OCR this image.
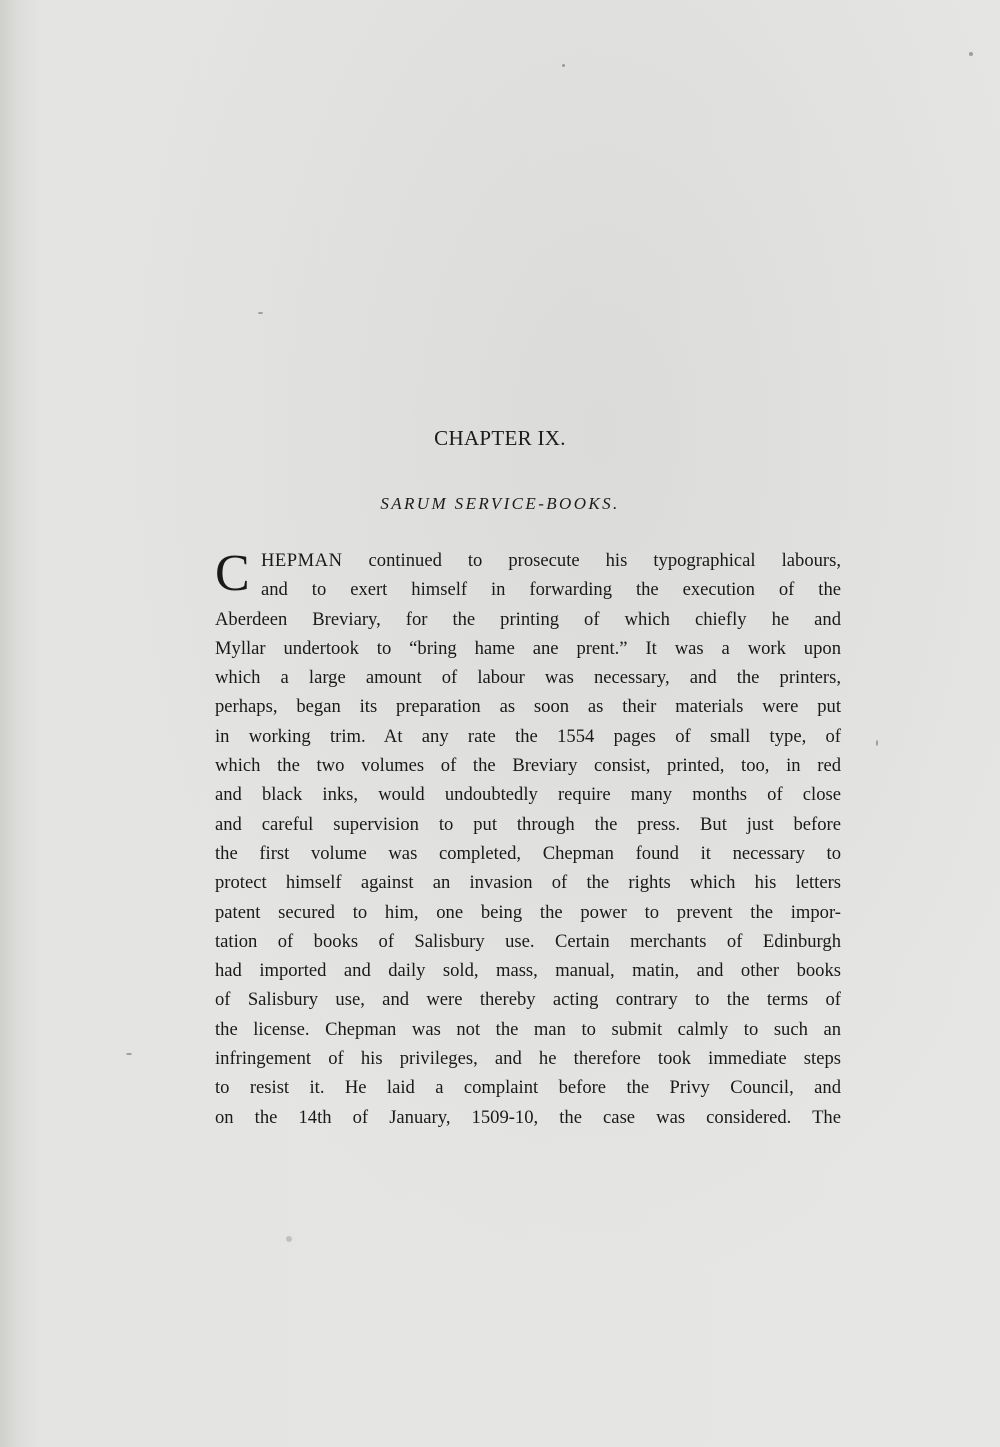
CHAPTER IX.
SARUM SERVICE-BOOKS.
C HEPMAN continued to prosecute his typographical labours,
and to exert himself in forwarding the execution of the
Aberdeen Breviary, for the printing of which chiefly he and
Myllar undertook to “bring hame ane prent.” It was a work upon
which a large amount of labour was necessary, and the printers,
perhaps, began its preparation as soon as their materials were put
in working trim. At any rate the 1554 pages of small type, of
which the two volumes of the Breviary consist, printed, too, in red
and black inks, would undoubtedly require many months of close
and careful supervision to put through the press. But just before
the first volume was completed, Chepman found it necessary to
protect himself against an invasion of the rights which his letters
patent secured to him, one being the power to prevent the impor-
tation of books of Salisbury use. Certain merchants of Edinburgh
had imported and daily sold, mass, manual, matin, and other books
of Salisbury use, and were thereby acting contrary to the terms of
the license. Chepman was not the man to submit calmly to such an
infringement of his privileges, and he therefore took immediate steps
to resist it. He laid a complaint before the Privy Council, and
on the 14th of January, 1509-10, the case was considered. The
